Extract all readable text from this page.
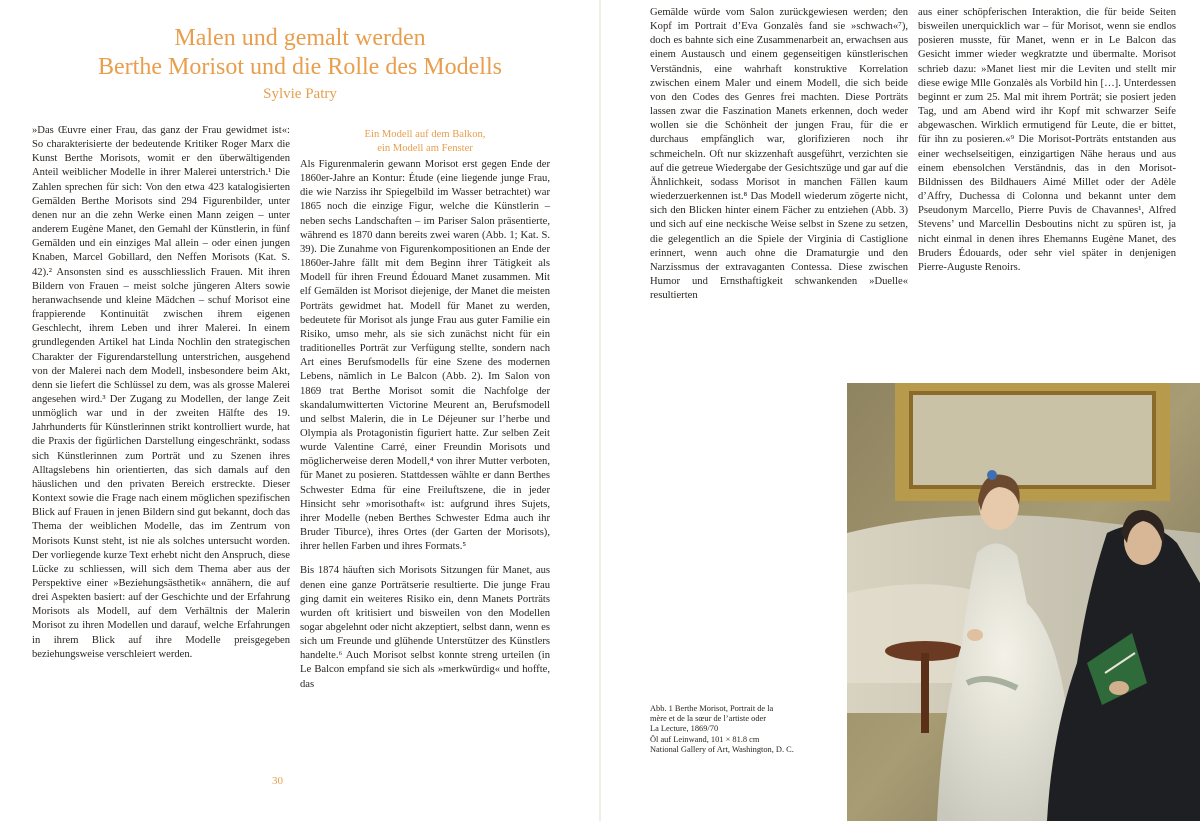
Malen und gemalt werden
Berthe Morisot und die Rolle des Modells

Sylvie Patry

»Das Œuvre einer Frau, das ganz der Frau gewidmet ist«: So charakterisierte der bedeutende Kritiker Roger Marx die Kunst Berthe Morisots, womit er den überwältigenden Anteil weiblicher Modelle in ihrer Malerei unterstrich.¹ Die Zahlen sprechen für sich: Von den etwa 423 katalogisierten Gemälden Berthe Morisots sind 294 Figurenbilder, unter denen nur an die zehn Werke einen Mann zeigen – unter anderem Eugène Manet, den Gemahl der Künstlerin, in fünf Gemälden und ein einziges Mal allein – oder einen jungen Knaben, Marcel Gobillard, den Neffen Morisots (Kat. S. 42).² Ansonsten sind es ausschliesslich Frauen. Mit ihren Bildern von Frauen – meist solche jüngeren Alters sowie heranwachsende und kleine Mädchen – schuf Morisot eine frappierende Kontinuität zwischen ihrem eigenen Geschlecht, ihrem Leben und ihrer Malerei. In einem grundlegenden Artikel hat Linda Nochlin den strategischen Charakter der Figurendarstellung unterstrichen, ausgehend von der Malerei nach dem Modell, insbesondere beim Akt, denn sie liefert die Schlüssel zu dem, was als grosse Malerei angesehen wird.³ Der Zugang zu Modellen, der lange Zeit unmöglich war und in der zweiten Hälfte des 19. Jahrhunderts für Künstlerinnen strikt kontrolliert wurde, hat die Praxis der figürlichen Darstellung eingeschränkt, sodass sich Künstlerinnen zum Porträt und zu Szenen ihres Alltagslebens hin orientierten, das sich damals auf den häuslichen und den privaten Bereich erstreckte. Dieser Kontext sowie die Frage nach einem möglichen spezifischen Blick auf Frauen in jenen Bildern sind gut bekannt, doch das Thema der weiblichen Modelle, das im Zentrum von Morisots Kunst steht, ist nie als solches untersucht worden. Der vorliegende kurze Text erhebt nicht den Anspruch, diese Lücke zu schliessen, will sich dem Thema aber aus der Perspektive einer »Beziehungsästhetik« annähern, die auf drei Aspekten basiert: auf der Geschichte und der Erfahrung Morisots als Modell, auf dem Verhältnis der Malerin Morisot zu ihren Modellen und darauf, welche Erfahrungen in ihrem Blick auf ihre Modelle preisgegeben beziehungsweise verschleiert werden.

Ein Modell auf dem Balkon,
ein Modell am Fenster

Als Figurenmalerin gewann Morisot erst gegen Ende der 1860er-Jahre an Kontur: Étude (eine liegende junge Frau, die wie Narziss ihr Spiegelbild im Wasser betrachtet) war 1865 noch die einzige Figur, welche die Künstlerin – neben sechs Landschaften – im Pariser Salon präsentierte, während es 1870 dann bereits zwei waren (Abb. 1; Kat. S. 39). Die Zunahme von Figurenkompositionen an Ende der 1860er-Jahre fällt mit dem Beginn ihrer Tätigkeit als Modell für ihren Freund Édouard Manet zusammen. Mit elf Gemälden ist Morisot diejenige, der Manet die meisten Porträts gewidmet hat. Modell für Manet zu werden, bedeutete für Morisot als junge Frau aus guter Familie ein Risiko, umso mehr, als sie sich zunächst nicht für ein traditionelles Porträt zur Verfügung stellte, sondern nach Art eines Berufsmodells für eine Szene des modernen Lebens, nämlich in Le Balcon (Abb. 2). Im Salon von 1869 trat Berthe Morisot somit die Nachfolge der skandalumwitterten Victorine Meurent an, Berufsmodell und selbst Malerin, die in Le Déjeuner sur l’herbe und Olympia als Protagonistin figuriert hatte. Zur selben Zeit wurde Valentine Carré, einer Freundin Morisots und möglicherweise deren Modell,⁴ von ihrer Mutter verboten, für Manet zu posieren. Stattdessen wählte er dann Berthes Schwester Edma für eine Freiluftszene, die in jeder Hinsicht sehr »morisothaft« ist: aufgrund ihres Sujets, ihrer Modelle (neben Berthes Schwester Edma auch ihr Bruder Tiburce), ihres Ortes (der Garten der Morisots), ihrer hellen Farben und ihres Formats.⁵

Bis 1874 häuften sich Morisots Sitzungen für Manet, aus denen eine ganze Porträtserie resultierte. Die junge Frau ging damit ein weiteres Risiko ein, denn Manets Porträts wurden oft kritisiert und bisweilen von den Modellen sogar abgelehnt oder nicht akzeptiert, selbst dann, wenn es sich um Freunde und glühende Unterstützer des Künstlers handelte.⁶ Auch Morisot selbst konnte streng urteilen (in Le Balcon empfand sie sich als »merkwürdig« und hoffte, das

30

Gemälde würde vom Salon zurückgewiesen werden; den Kopf im Portrait d’Eva Gonzalès fand sie »schwach«⁷), doch es bahnte sich eine Zusammenarbeit an, erwachsen aus einem Austausch und einem gegenseitigen künstlerischen Verständnis, eine wahrhaft konstruktive Korrelation zwischen einem Maler und einem Modell, die sich beide von den Codes des Genres frei machten. Diese Porträts lassen zwar die Faszination Manets erkennen, doch weder wollen sie die Schönheit der jungen Frau, für die er durchaus empfänglich war, glorifizieren noch ihr schmeicheln. Oft nur skizzenhaft ausgeführt, verzichten sie auf die getreue Wiedergabe der Gesichtszüge und gar auf die Ähnlichkeit, sodass Morisot in manchen Fällen kaum wiederzuerkennen ist.⁸ Das Modell wiederum zögerte nicht, sich den Blicken hinter einem Fächer zu entziehen (Abb. 3) und sich auf eine neckische Weise selbst in Szene zu setzen, die gelegentlich an die Spiele der Virginia di Castiglione erinnert, wenn auch ohne die Dramaturgie und den Narzissmus der extravaganten Contessa. Diese zwischen Humor und Ernsthaftigkeit schwankenden »Duelle« resultierten

aus einer schöpferischen Interaktion, die für beide Seiten bisweilen unerquicklich war – für Morisot, wenn sie endlos posieren musste, für Manet, wenn er in Le Balcon das Gesicht immer wieder wegkratzte und übermalte. Morisot schrieb dazu: »Manet liest mir die Leviten und stellt mir diese ewige Mlle Gonzalès als Vorbild hin […]. Unterdessen beginnt er zum 25. Mal mit ihrem Porträt; sie posiert jeden Tag, und am Abend wird ihr Kopf mit schwarzer Seife abgewaschen. Wirklich ermutigend für Leute, die er bittet, für ihn zu posieren.«⁹ Die Morisot-Porträts entstanden aus einer wechselseitigen, einzigartigen Nähe heraus und aus einem ebensolchen Verständnis, das in den Morisot-Bildnissen des Bildhauers Aimé Millet oder der Adèle d’Affry, Duchessa di Colonna und bekannt unter dem Pseudonym Marcello, Pierre Puvis de Chavannes¹, Alfred Stevens’ und Marcellin Desboutins nicht zu spüren ist, ja nicht einmal in denen ihres Ehemanns Eugène Manet, des Bruders Édouards, oder sehr viel später in denjenigen Pierre-Auguste Renoirs.

Abb. 1 Berthe Morisot, Portrait de la
mère et de la sœur de l’artiste oder
La Lecture, 1869/70
Öl auf Leinwand, 101 × 81.8 cm
National Gallery of Art, Washington, D. C.
